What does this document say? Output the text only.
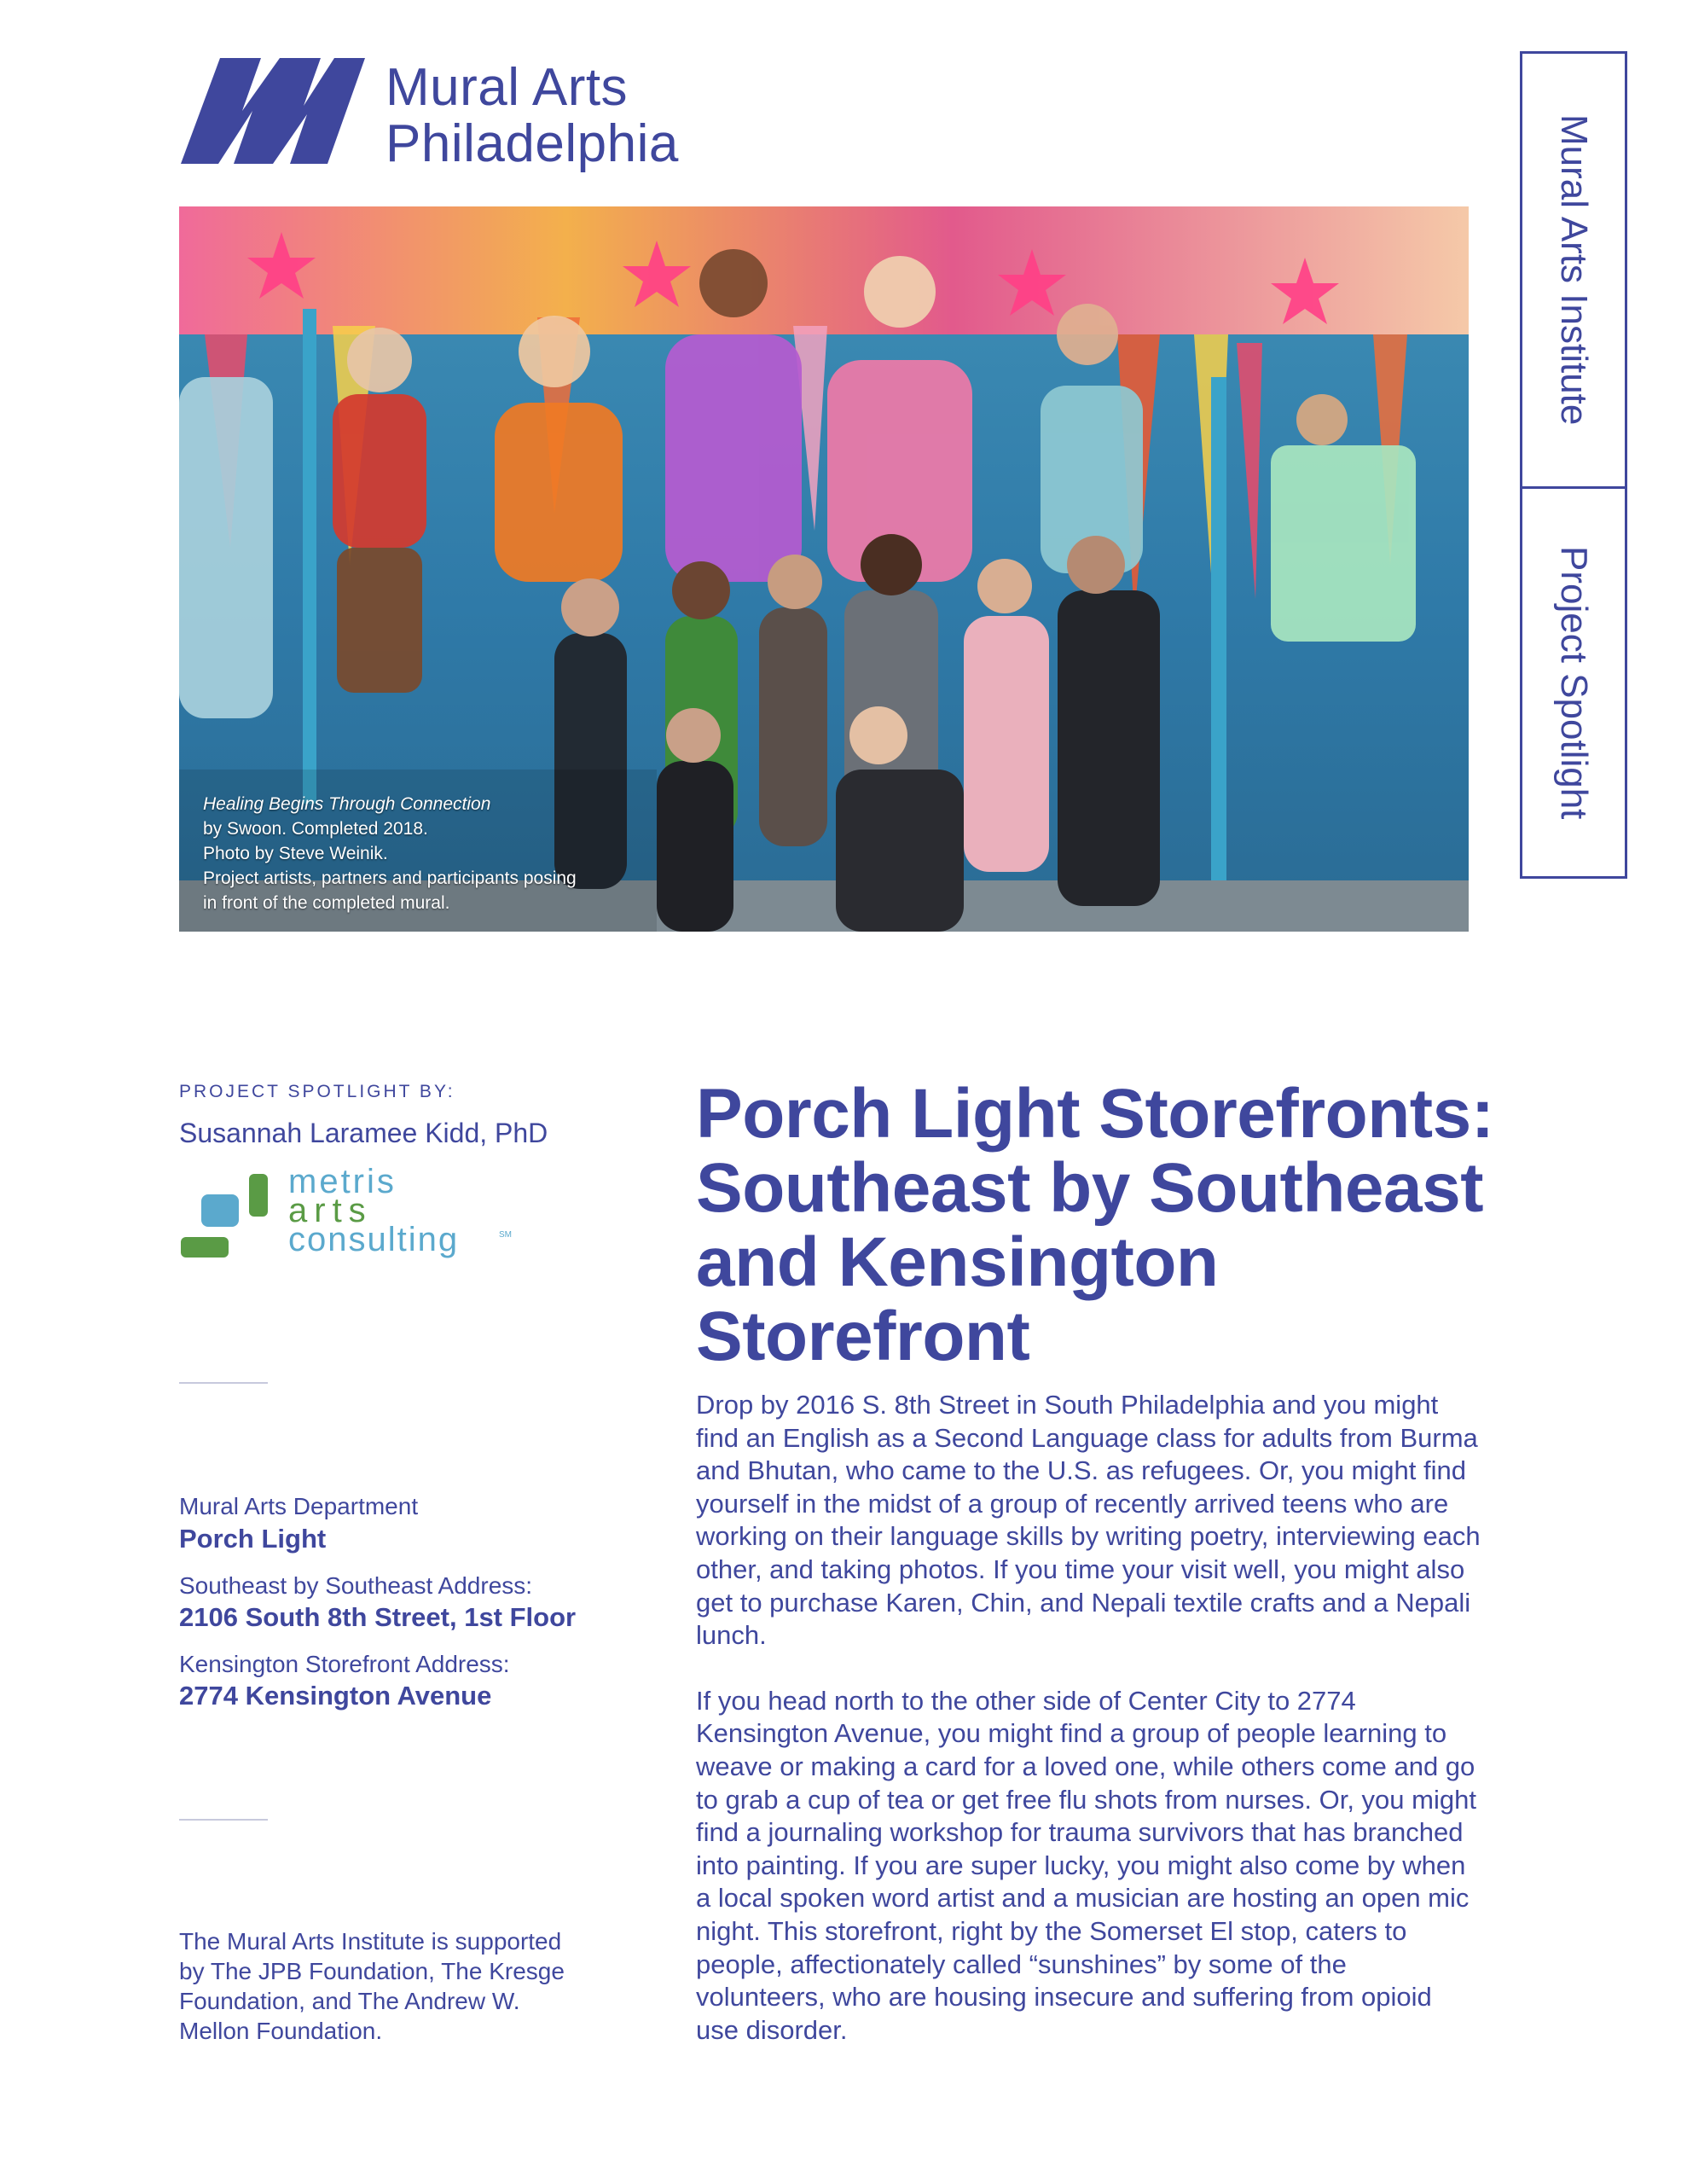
Mural Arts
Philadelphia	Mural Arts Institute
Project Spotlight
Healing Begins Through Connection
by Swoon. Completed 2018.
Photo by Steve Weinik.
Project artists, partners and participants posing
in front of the completed mural.
PROJECT SPOTLIGHT BY:
Susannah Laramee Kidd, PhD
metris
arts
consulting	SM
Mural Arts Department
Porch Light
Southeast by Southeast Address:
2106 South 8th Street, 1st Floor
Kensington Storefront Address:
2774 Kensington Avenue
The Mural Arts Institute is supported by The JPB Foundation, The Kresge Foundation, and The Andrew W. Mellon Foundation.
Porch Light Storefronts: Southeast by Southeast and Kensington Storefront

Drop by 2016 S. 8th Street in South Philadelphia and you might find an English as a Second Language class for adults from Burma and Bhutan, who came to the U.S. as refugees. Or, you might find yourself in the midst of a group of recently arrived teens who are working on their language skills by writing poetry, interviewing each other, and taking photos. If you time your visit well, you might also get to purchase Karen, Chin, and Nepali textile crafts and a Nepali lunch.

If you head north to the other side of Center City to 2774 Kensington Avenue, you might find a group of people learning to weave or making a card for a loved one, while others come and go to grab a cup of tea or get free flu shots from nurses. Or, you might find a journaling workshop for trauma survivors that has branched into painting. If you are super lucky, you might also come by when a local spoken word artist and a musician are hosting an open mic night. This storefront, right by the Somerset El stop, caters to people, affectionately called “sunshines” by some of the volunteers, who are housing insecure and suffering from opioid use disorder.
